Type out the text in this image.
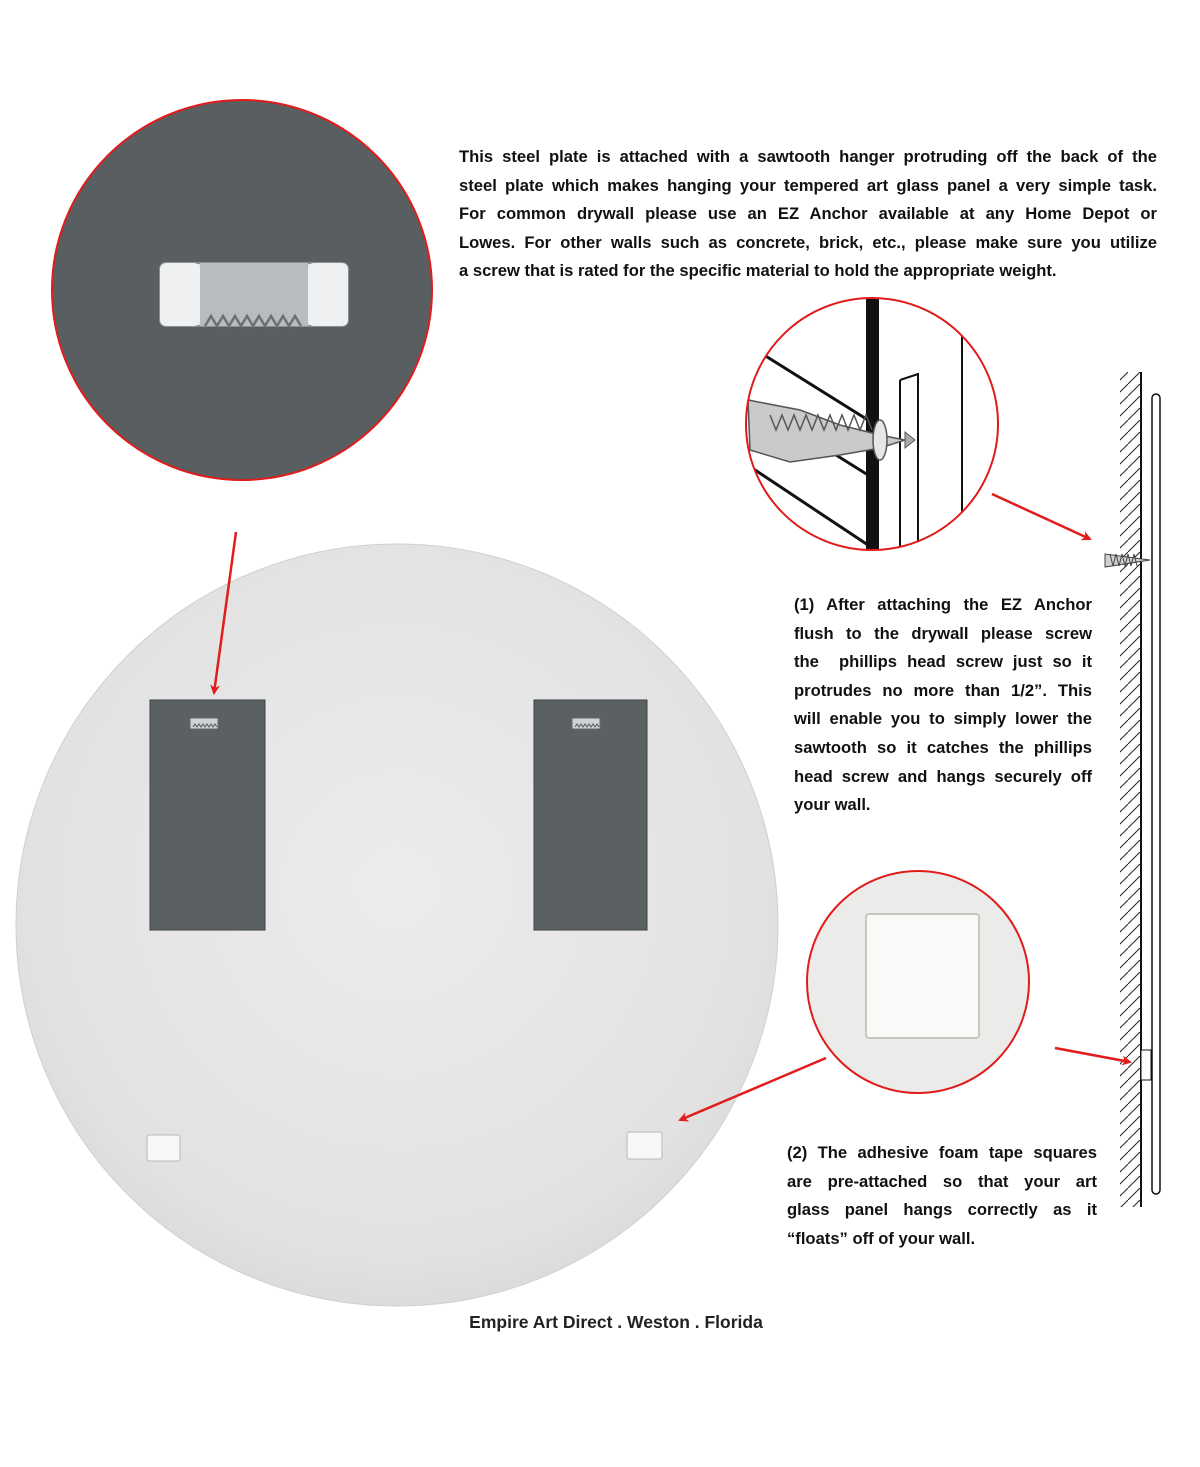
This steel plate is attached with a sawtooth hanger protruding off the back of the
steel plate which makes hanging your tempered art glass panel a very simple task.
For common drywall please use an EZ Anchor available at any Home Depot or
Lowes. For other walls such as concrete, brick, etc., please make sure you utilize
a screw that is rated for the specific material to hold the appropriate weight.
(1) After attaching the EZ Anchor
flush to the drywall please screw
the  phillips head screw just so it
protrudes no more than 1/2”. This
will enable you to simply lower the
sawtooth so it catches the phillips
head screw and hangs securely off
your wall.
(2) The adhesive foam tape squares
are pre-attached so that your art
glass panel hangs correctly as it
“floats” off of your wall.
Empire Art Direct . Weston . Florida
